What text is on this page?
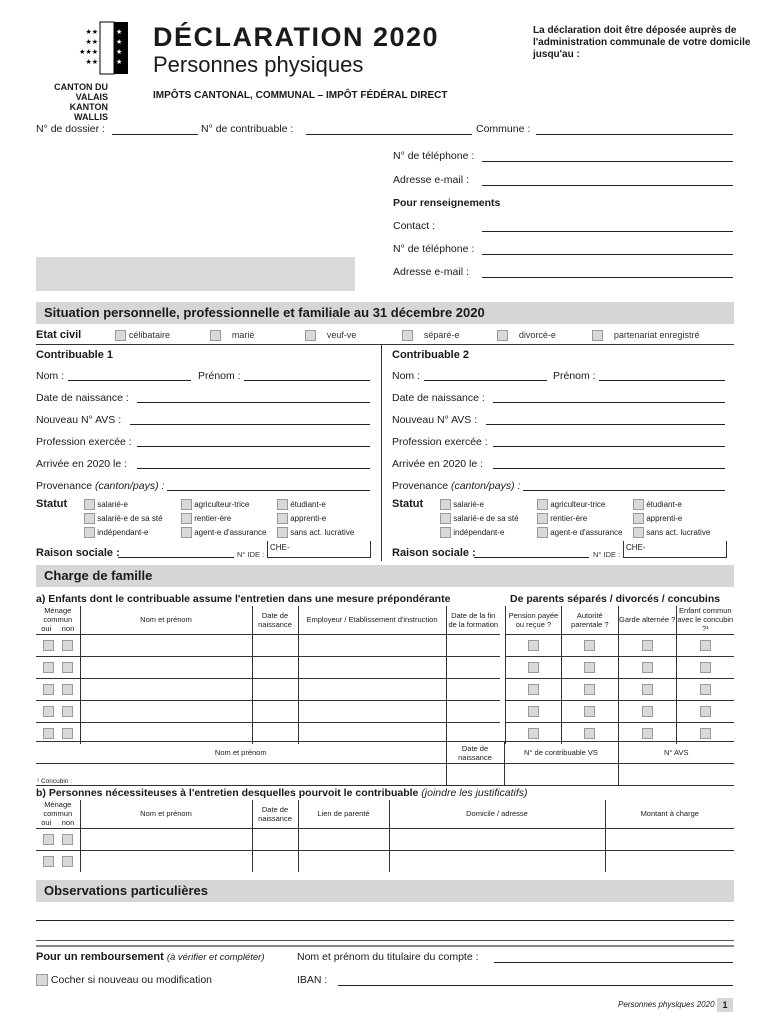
★★
★★
★★★
★★
★
★
★
★
CANTON DU VALAIS
KANTON WALLIS
DÉCLARATION 2020
Personnes physiques
IMPÔTS CANTONAL, COMMUNAL – IMPÔT FÉDÉRAL DIRECT
La déclaration doit être déposée auprès de l'administration communale de votre domicile jusqu'au :
N° de dossier :	N° de contribuable :	Commune :
N° de téléphone :
Adresse e-mail :
Pour renseignements
Contact :
N° de téléphone :
Adresse e-mail :
Situation personnelle, professionnelle et familiale au 31 décembre 2020
Etat civil	célibataire	marié	veuf-ve	séparé-e	divorcé-e	partenariat enregistré
Contribuable 1
Nom :	Prénom :
Date de naissance :
Nouveau N° AVS :
Profession exercée :
Arrivée en 2020 le :
Provenance (canton/pays) :
Statut	salarié-e	agriculteur-trice	étudiant-e
salarié-e de sa sté	rentier-ère	apprenti-e
indépendant-e	agent-e d'assurance	sans act. lucrative
Raison sociale :	N° IDE :
CHE-
Contribuable 2
Nom :	Prénom :
Date de naissance :
Nouveau N° AVS :
Profession exercée :
Arrivée en 2020 le :
Provenance (canton/pays) :
Statut	salarié-e	agriculteur-trice	étudiant-e
salarié-e de sa sté	rentier-ère	apprenti-e
indépendant-e	agent-e d'assurance	sans act. lucrative
Raison sociale :	N° IDE :
CHE-
Charge de famille
a) Enfants dont le contribuable assume l'entretien dans une mesure prépondérante	De parents séparés / divorcés / concubins
Ménage commun
oui non	Nom et prénom	Date de naissance	Employeur / Etablissement d'instruction	Date de la fin de la formation

Pension payée ou reçue ?	Autorité parentale ?	Garde alternée ?	Enfant commun avec le concubin ?¹

Nom et prénom	Date de naissance	N° de contribuable VS	N° AVS
¹ Concubin :			
b) Personnes nécessiteuses à l'entretien desquelles pourvoit le contribuable (joindre les justificatifs)
Ménage commun
oui non	Nom et prénom	Date de naissance	Lien de parenté	Domicile / adresse	Montant à charge

Observations particulières
Pour un remboursement (à vérifier et compléter)	Nom et prénom du titulaire du compte :
Cocher si nouveau ou modification	IBAN :
Personnes physiques 2020 1
